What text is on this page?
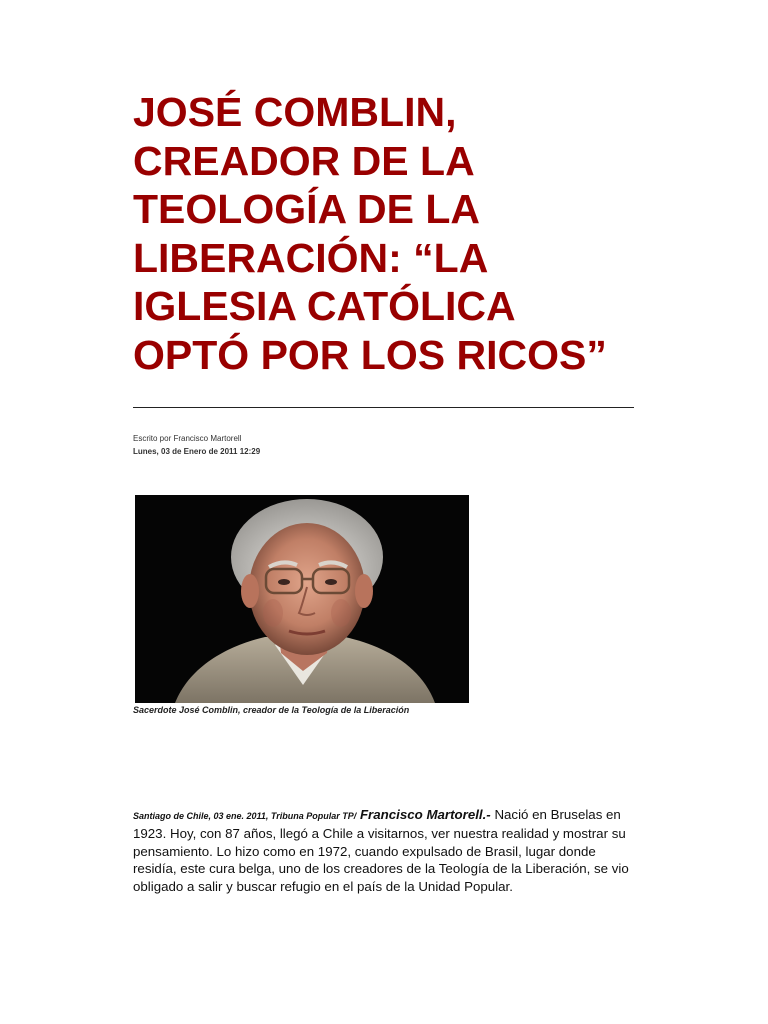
JOSÉ COMBLIN,
CREADOR DE LA
TEOLOGÍA DE LA
LIBERACIÓN: “LA
IGLESIA CATÓLICA
OPTÓ POR LOS RICOS”
Escrito por Francisco Martorell
Lunes, 03 de Enero de 2011 12:29
Sacerdote José Comblin, creador de la Teología de la Liberación

Santiago de Chile, 03 ene. 2011, Tribuna Popular TP/ Francisco Martorell.- Nació en Bruselas en 1923. Hoy, con 87 años, llegó a Chile a visitarnos, ver nuestra realidad y mostrar su pensamiento. Lo hizo como en 1972, cuando expulsado de Brasil, lugar donde residía, este cura belga, uno de los creadores de la Teología de la Liberación, se vio obligado a salir y buscar refugio en el país de la Unidad Popular.
